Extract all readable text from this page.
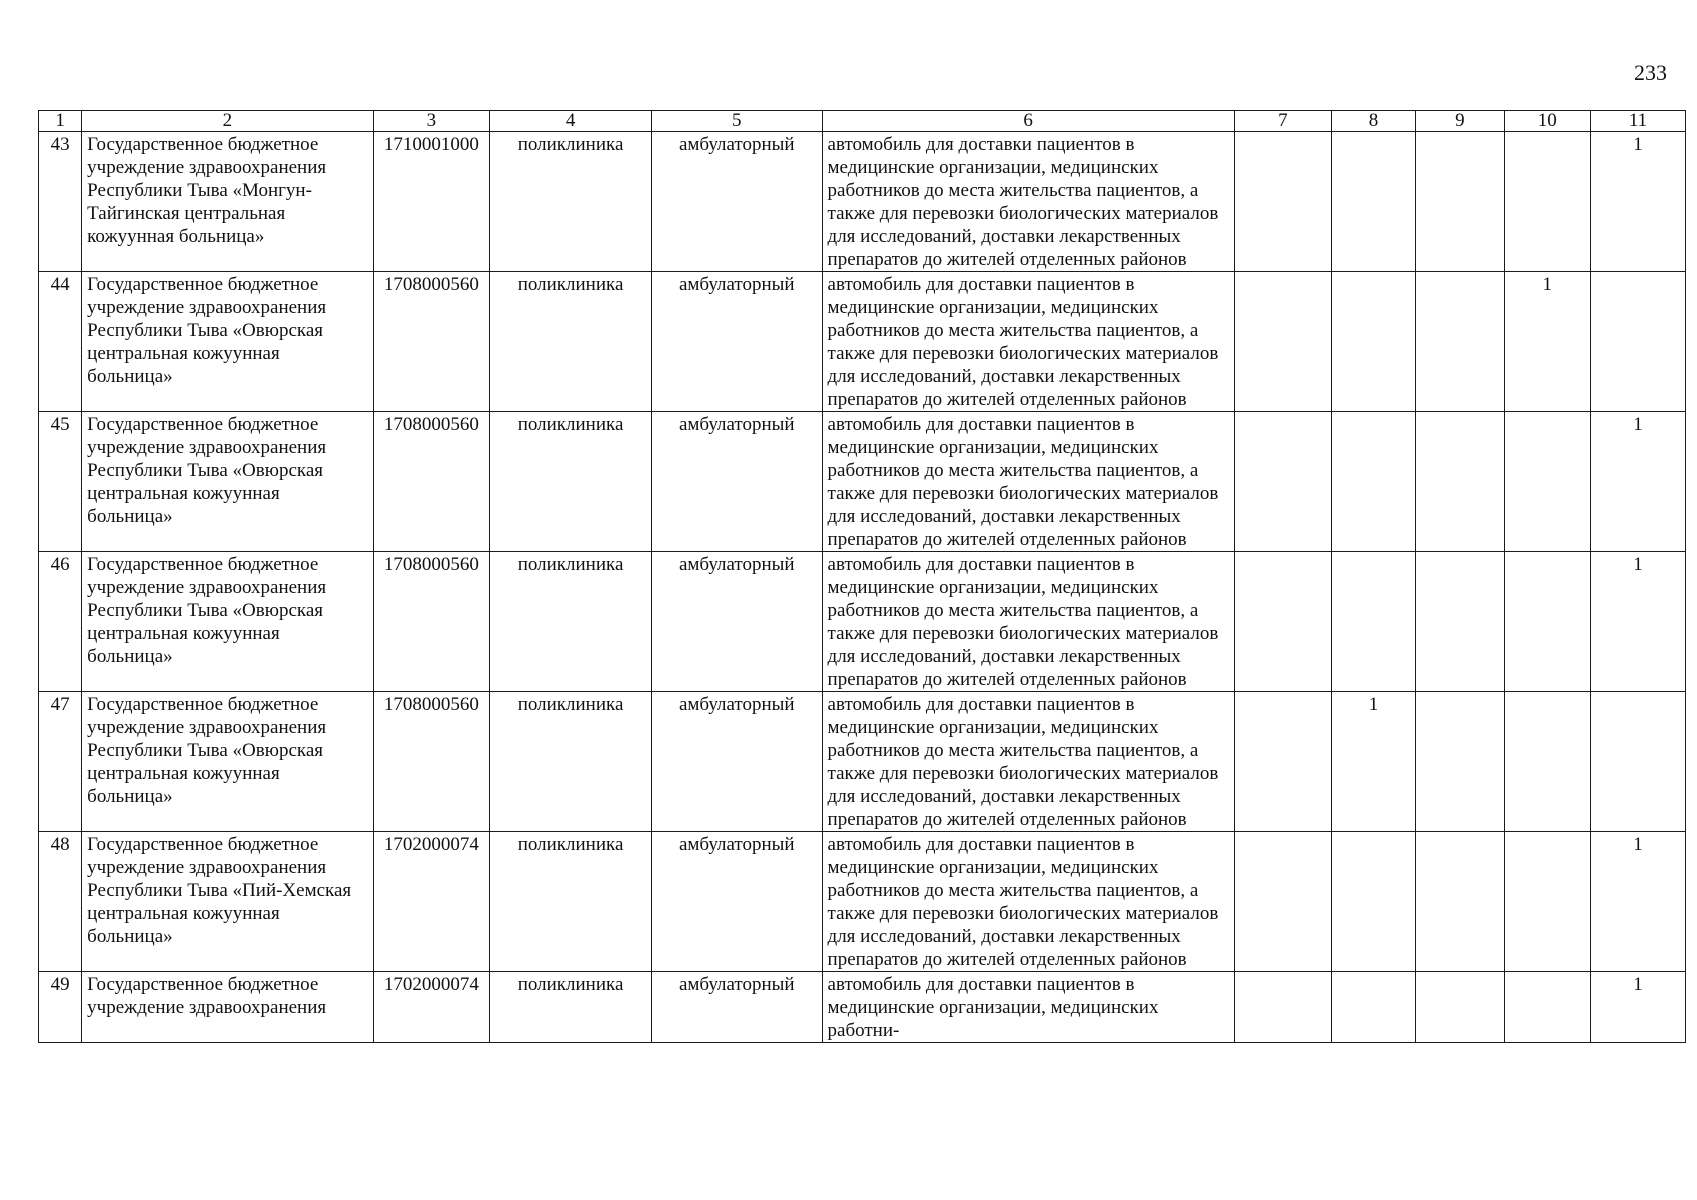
233
1	2	3	4	5	6	7	8	9	10	11
43	Государственное бюджетное учреждение здравоохранения Республики Тыва «Монгун-Тайгинская центральная кожуунная больница»	1710001000	поликлиника	амбулаторный	автомобиль для доставки пациентов в медицинские организации, медицинских работников до места жительства пациентов, а также для перевозки биологических материалов для исследований, доставки лекарственных препаратов до жителей отделенных районов					1
44	Государственное бюджетное учреждение здравоохранения Республики Тыва «Овюрская центральная кожуунная больница»	1708000560	поликлиника	амбулаторный	автомобиль для доставки пациентов в медицинские организации, медицинских работников до места жительства пациентов, а также для перевозки биологических материалов для исследований, доставки лекарственных препаратов до жителей отделенных районов				1	
45	Государственное бюджетное учреждение здравоохранения Республики Тыва «Овюрская центральная кожуунная больница»	1708000560	поликлиника	амбулаторный	автомобиль для доставки пациентов в медицинские организации, медицинских работников до места жительства пациентов, а также для перевозки биологических материалов для исследований, доставки лекарственных препаратов до жителей отделенных районов					1
46	Государственное бюджетное учреждение здравоохранения Республики Тыва «Овюрская центральная кожуунная больница»	1708000560	поликлиника	амбулаторный	автомобиль для доставки пациентов в медицинские организации, медицинских работников до места жительства пациентов, а также для перевозки биологических материалов для исследований, доставки лекарственных препаратов до жителей отделенных районов					1
47	Государственное бюджетное учреждение здравоохранения Республики Тыва «Овюрская центральная кожуунная больница»	1708000560	поликлиника	амбулаторный	автомобиль для доставки пациентов в медицинские организации, медицинских работников до места жительства пациентов, а также для перевозки биологических материалов для исследований, доставки лекарственных препаратов до жителей отделенных районов		1			
48	Государственное бюджетное учреждение здравоохранения Республики Тыва «Пий-Хемская центральная кожуунная больница»	1702000074	поликлиника	амбулаторный	автомобиль для доставки пациентов в медицинские организации, медицинских работников до места жительства пациентов, а также для перевозки биологических материалов для исследований, доставки лекарственных препаратов до жителей отделенных районов					1
49	Государственное бюджетное учреждение здравоохранения	1702000074	поликлиника	амбулаторный	автомобиль для доставки пациентов в медицинские организации, медицинских работни-					1
